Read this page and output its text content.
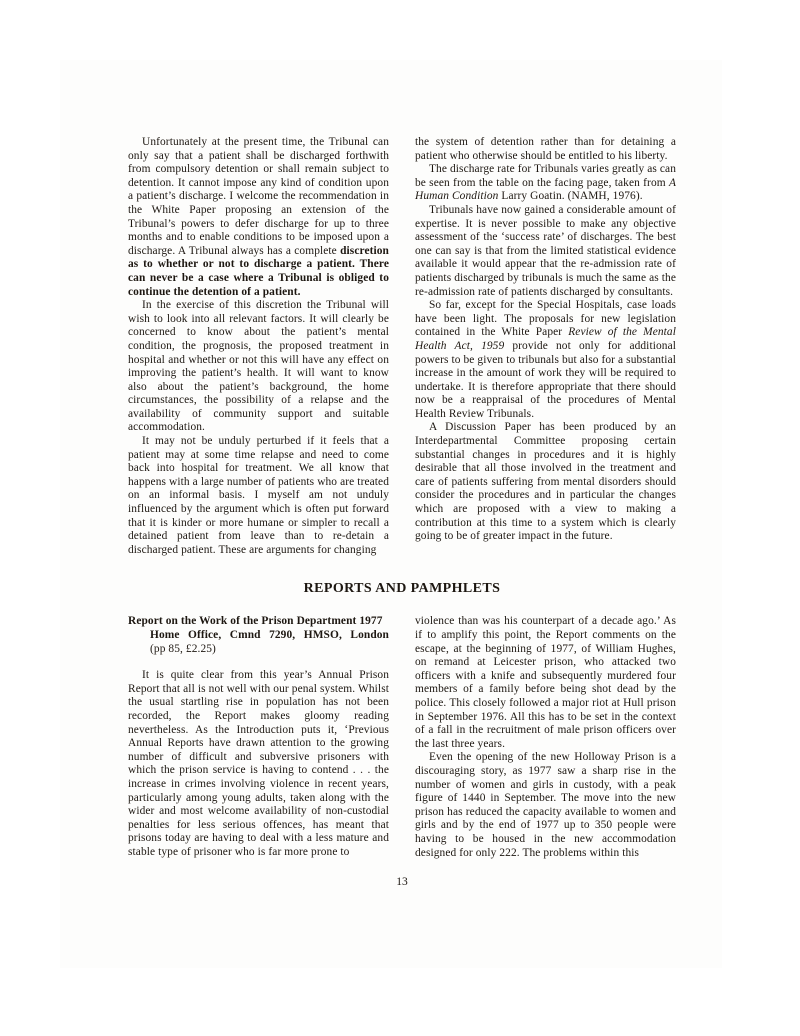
Unfortunately at the present time, the Tribunal can only say that a patient shall be discharged forthwith from compulsory detention or shall remain subject to detention. It cannot impose any kind of condition upon a patient’s discharge. I welcome the recommendation in the White Paper proposing an extension of the Tribunal’s powers to defer discharge for up to three months and to enable conditions to be imposed upon a discharge. A Tribunal always has a complete discretion as to whether or not to discharge a patient. There can never be a case where a Tribunal is obliged to continue the detention of a patient.

In the exercise of this discretion the Tribunal will wish to look into all relevant factors. It will clearly be concerned to know about the patient’s mental condition, the prognosis, the proposed treatment in hospital and whether or not this will have any effect on improving the patient’s health. It will want to know also about the patient’s background, the home circumstances, the possibility of a relapse and the availability of community support and suitable accommodation.

It may not be unduly perturbed if it feels that a patient may at some time relapse and need to come back into hospital for treatment. We all know that happens with a large number of patients who are treated on an informal basis. I myself am not unduly influenced by the argument which is often put forward that it is kinder or more humane or simpler to recall a detained patient from leave than to re-detain a discharged patient. These are arguments for changing

the system of detention rather than for detaining a patient who otherwise should be entitled to his liberty.

The discharge rate for Tribunals varies greatly as can be seen from the table on the facing page, taken from A Human Condition Larry Goatin. (NAMH, 1976).

Tribunals have now gained a considerable amount of expertise. It is never possible to make any objective assessment of the ‘success rate’ of discharges. The best one can say is that from the limited statistical evidence available it would appear that the re-admission rate of patients discharged by tribunals is much the same as the re-admission rate of patients discharged by consultants.

So far, except for the Special Hospitals, case loads have been light. The proposals for new legislation contained in the White Paper Review of the Mental Health Act, 1959 provide not only for additional powers to be given to tribunals but also for a substantial increase in the amount of work they will be required to undertake. It is therefore appropriate that there should now be a reappraisal of the procedures of Mental Health Review Tribunals.

A Discussion Paper has been produced by an Interdepartmental Committee proposing certain substantial changes in procedures and it is highly desirable that all those involved in the treatment and care of patients suffering from mental disorders should consider the procedures and in particular the changes which are proposed with a view to making a contribution at this time to a system which is clearly going to be of greater impact in the future.

REPORTS AND PAMPHLETS
Report on the Work of the Prison Department 1977
Home Office, Cmnd 7290, HMSO, London
(pp 85, £2.25)

It is quite clear from this year’s Annual Prison Report that all is not well with our penal system. Whilst the usual startling rise in population has not been recorded, the Report makes gloomy reading nevertheless. As the Introduction puts it, ‘Previous Annual Reports have drawn attention to the growing number of difficult and subversive prisoners with which the prison service is having to contend . . . the increase in crimes involving violence in recent years, particularly among young adults, taken along with the wider and most welcome availability of non-custodial penalties for less serious offences, has meant that prisons today are having to deal with a less mature and stable type of prisoner who is far more prone to

violence than was his counterpart of a decade ago.’ As if to amplify this point, the Report comments on the escape, at the beginning of 1977, of William Hughes, on remand at Leicester prison, who attacked two officers with a knife and subsequently murdered four members of a family before being shot dead by the police. This closely followed a major riot at Hull prison in September 1976. All this has to be set in the context of a fall in the recruitment of male prison officers over the last three years.

Even the opening of the new Holloway Prison is a discouraging story, as 1977 saw a sharp rise in the number of women and girls in custody, with a peak figure of 1440 in September. The move into the new prison has reduced the capacity available to women and girls and by the end of 1977 up to 350 people were having to be housed in the new accommodation designed for only 222. The problems within this

13
